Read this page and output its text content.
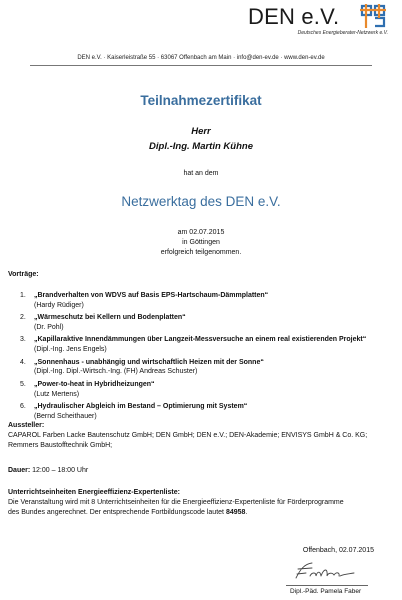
DEN e.V.
Deutsches Energieberater-Netzwerk e.V.
DEN e.V. · Kaiserleistraße 55 · 63067 Offenbach am Main · info@den-ev.de · www.den-ev.de
Teilnahmezertifikat
Herr
Dipl.-Ing. Martin Kühne
hat an dem
Netzwerktag des DEN e.V.
am 02.07.2015
in Göttingen
erfolgreich teilgenommen.
Vorträge:
1.	„Brandverhalten von WDVS auf Basis EPS-Hartschaum-Dämmplatten“
(Hardy Rüdiger)
2.	„Wärmeschutz bei Kellern und Bodenplatten“
(Dr. Pohl)
3.	„Kapillaraktive Innendämmungen über Langzeit-Messversuche an einem real existierenden Projekt“
(Dipl.-Ing. Jens Engels)
4.	„Sonnenhaus - unabhängig und wirtschaftlich Heizen mit der Sonne“
(Dipl.-Ing. Dipl.-Wirtsch.-Ing. (FH) Andreas Schuster)
5.	„Power-to-heat in Hybridheizungen“
(Lutz Mertens)
6.	„Hydraulischer Abgleich im Bestand – Optimierung mit System“
(Bernd Scheithauer)
Aussteller:
CAPAROL Farben Lacke Bautenschutz GmbH; DEN GmbH; DEN e.V.; DEN-Akademie; ENVISYS GmbH & Co. KG;
Remmers Baustofftechnik GmbH;
Dauer: 12:00 – 18:00 Uhr
Unterrichtseinheiten Energieeffizienz-Expertenliste:
Die Veranstaltung wird mit 8 Unterrichtseinheiten für die Energieeffizienz-Expertenliste für Förderprogramme
des Bundes angerechnet. Der entsprechende Fortbildungscode lautet 84958.
Offenbach, 02.07.2015
Dipl.-Päd. Pamela Faber
